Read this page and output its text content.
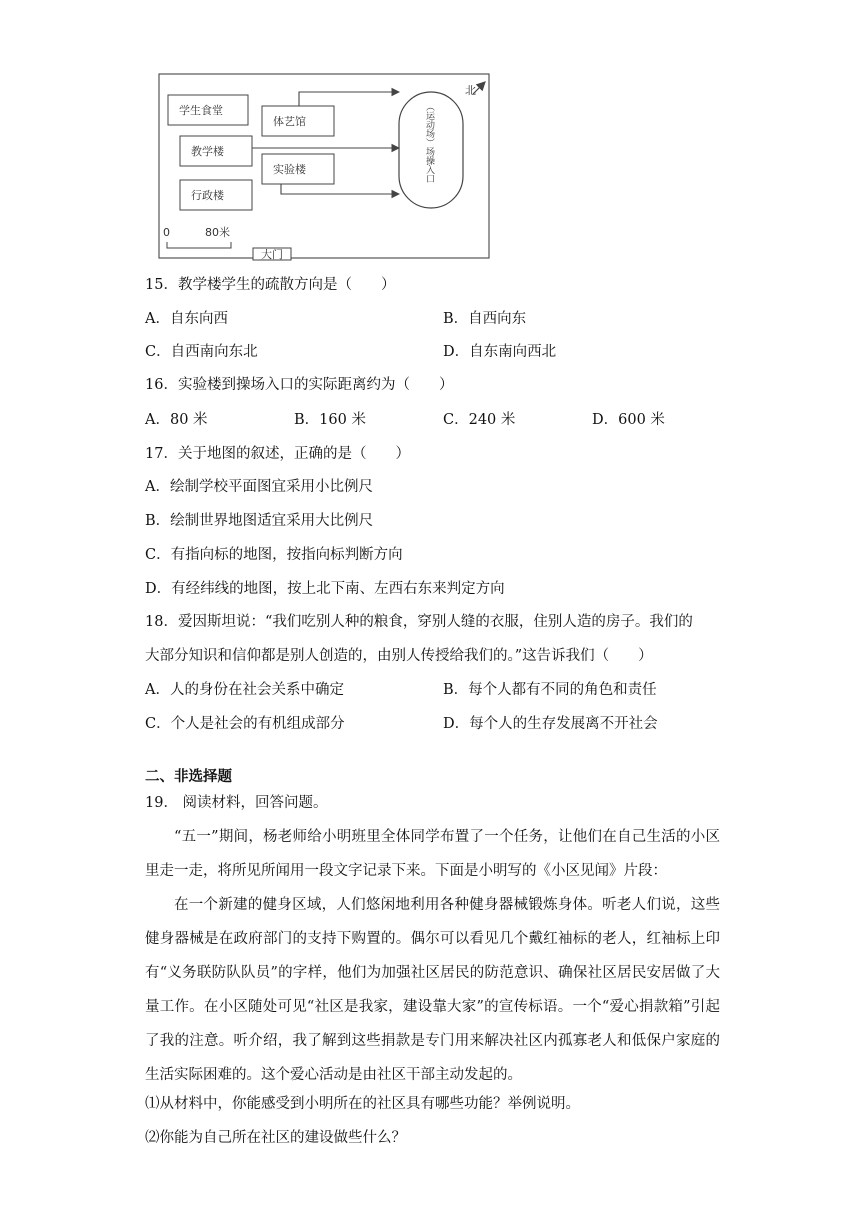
北
学生食堂
教学楼
行政楼
体艺馆
实验楼	（运动场）场操入口
0	80米
大门
15．教学楼学生的疏散方向是（　　）
A．自东向西	B．自西向东
C．自西南向东北	D．自东南向西北
16．实验楼到操场入口的实际距离约为（　　）
A．80 米	B．160 米	C．240 米	D．600 米
17．关于地图的叙述，正确的是（　　）
A．绘制学校平面图宜采用小比例尺
B．绘制世界地图适宜采用大比例尺
C．有指向标的地图，按指向标判断方向
D．有经纬线的地图，按上北下南、左西右东来判定方向
18．爱因斯坦说：“我们吃别人种的粮食，穿别人缝的衣服，住别人造的房子。我们的
大部分知识和信仰都是别人创造的，由别人传授给我们的。”这告诉我们（　　）
A．人的身份在社会关系中确定	B．每个人都有不同的角色和责任
C．个人是社会的有机组成部分	D．每个人的生存发展离不开社会
二、非选择题
19． 阅读材料，回答问题。
“五一”期间，杨老师给小明班里全体同学布置了一个任务，让他们在自己生活的小区里走一走，将所见所闻用一段文字记录下来。下面是小明写的《小区见闻》片段：
在一个新建的健身区域，人们悠闲地利用各种健身器械锻炼身体。听老人们说，这些健身器械是在政府部门的支持下购置的。偶尔可以看见几个戴红袖标的老人，红袖标上印有“义务联防队队员”的字样，他们为加强社区居民的防范意识、确保社区居民安居做了大量工作。在小区随处可见“社区是我家，建设靠大家”的宣传标语。一个“爱心捐款箱”引起了我的注意。听介绍，我了解到这些捐款是专门用来解决社区内孤寡老人和低保户家庭的生活实际困难的。这个爱心活动是由社区干部主动发起的。
⑴从材料中，你能感受到小明所在的社区具有哪些功能？举例说明。
⑵你能为自己所在社区的建设做些什么？
